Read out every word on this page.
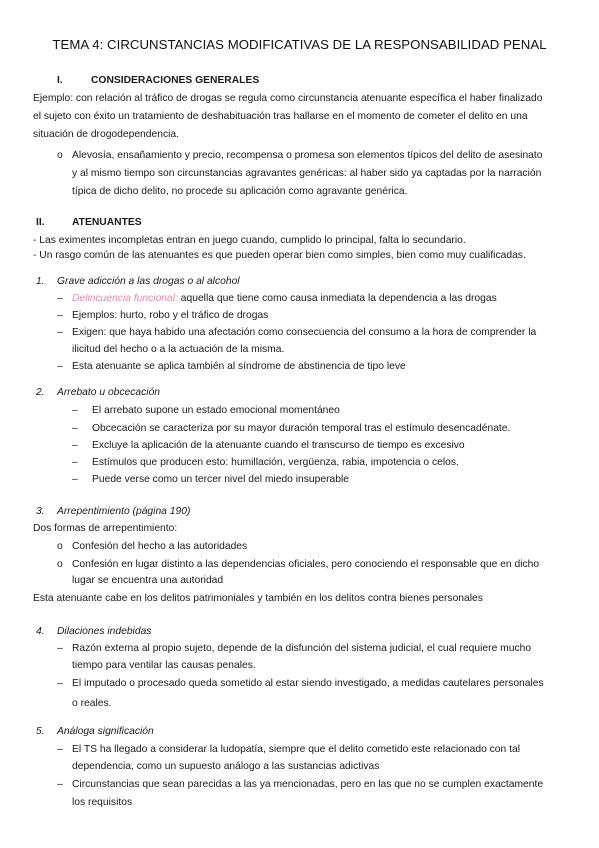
TEMA 4: CIRCUNSTANCIAS MODIFICATIVAS DE LA RESPONSABILIDAD PENAL
I.	CONSIDERACIONES GENERALES
Ejemplo: con relación al tráfico de drogas se regula como circunstancia atenuante específica el haber finalizado
el sujeto con éxito un tratamiento de deshabituación tras hallarse en el momento de cometer el delito en una
situación de drogodependencia.
o Alevosía, ensañamiento y precio, recompensa o promesa son elementos típicos del delito de asesinato
y al mismo tiempo son circunstancias agravantes genéricas: al haber sido ya captadas por la narración
típica de dicho delito, no procede su aplicación como agravante genérica.
II.	ATENUANTES
- Las eximentes incompletas entran en juego cuando, cumplido lo principal, falta lo secundario.
- Un rasgo común de las atenuantes es que pueden operar bien como simples, bien como muy cualificadas.
1. Grave adicción a las drogas o al alcohol
– Delincuencia funcional: aquella que tiene como causa inmediata la dependencia a las drogas
– Ejemplos: hurto, robo y el tráfico de drogas
– Exigen: que haya habido una afectación como consecuencia del consumo a la hora de comprender la
ilicitud del hecho o a la actuación de la misma.
– Esta atenuante se aplica también al síndrome de abstinencia de tipo leve
2. Arrebato u obcecación
– El arrebato supone un estado emocional momentáneo
– Obcecación se caracteriza por su mayor duración temporal tras el estímulo desencadénate.
– Excluye la aplicación de la atenuante cuando el transcurso de tiempo es excesivo
– Estímulos que producen esto: humillación, vergüenza, rabia, impotencia o celos.
– Puede verse como un tercer nivel del miedo insuperable
3. Arrepentimiento (página 190)
Dos formas de arrepentimiento:
o Confesión del hecho a las autoridades
o Confesión en lugar distinto a las dependencias oficiales, pero conociendo el responsable que en dicho
lugar se encuentra una autoridad
Esta atenuante cabe en los delitos patrimoniales y también en los delitos contra bienes personales
4. Dilaciones indebidas
– Razón externa al propio sujeto, depende de la disfunción del sistema judicial, el cual requiere mucho
tiempo para ventilar las causas penales.
– El imputado o procesado queda sometido al estar siendo investigado, a medidas cautelares personales
o reales.
5. Análoga significación
– El TS ha llegado a considerar la ludopatía, siempre que el delito cometido este relacionado con tal
dependencia, como un supuesto análogo a las sustancias adictivas
– Circunstancias que sean parecidas a las ya mencionadas, pero en las que no se cumplen exactamente
los requisitos
